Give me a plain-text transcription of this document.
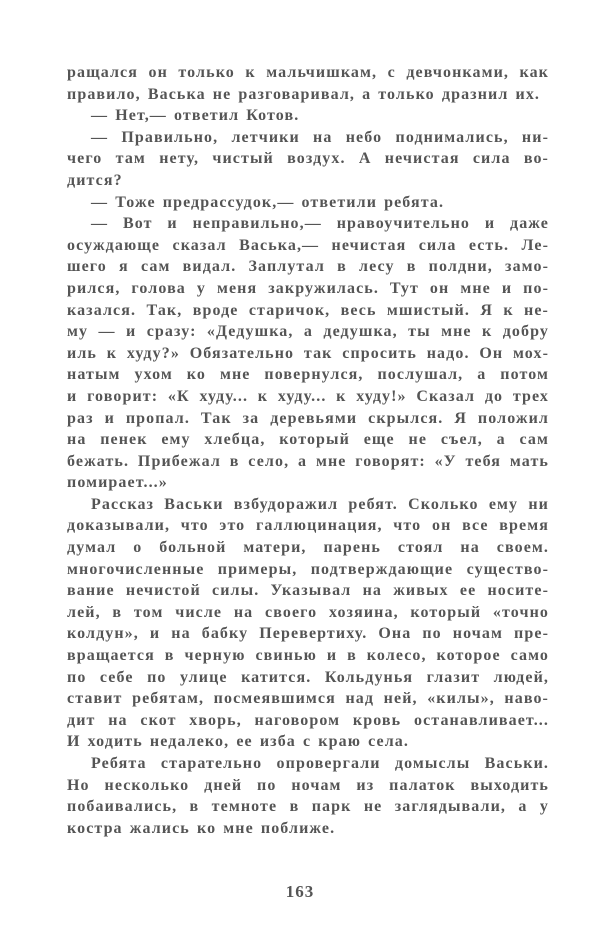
ращался он только к мальчишкам, с девчонками, как
правило, Васька не разговаривал, а только дразнил их.
— Нет,— ответил Котов.
— Правильно, летчики на небо поднимались, ни-
чего там нету, чистый воздух. А нечистая сила во-
дится?
— Тоже предрассудок,— ответили ребята.
— Вот и неправильно,— нравоучительно и даже
осуждающе сказал Васька,— нечистая сила есть. Ле-
шего я сам видал. Заплутал в лесу в полдни, замо-
рился, голова у меня закружилась. Тут он мне и по-
казался. Так, вроде старичок, весь мшистый. Я к не-
му — и сразу: «Дедушка, а дедушка, ты мне к добру
иль к худу?» Обязательно так спросить надо. Он мох-
натым ухом ко мне повернулся, послушал, а потом
и говорит: «К худу... к худу... к худу!» Сказал до трех
раз и пропал. Так за деревьями скрылся. Я положил
на пенек ему хлебца, который еще не съел, а сам
бежать. Прибежал в село, а мне говорят: «У тебя мать
помирает...»
Рассказ Васьки взбудоражил ребят. Сколько ему ни
доказывали, что это галлюцинация, что он все время
думал о больной матери, парень стоял на своем.
многочисленные примеры, подтверждающие существо-
вание нечистой силы. Указывал на живых ее носите-
лей, в том числе на своего хозяина, который «точно
колдун», и на бабку Перевертиху. Она по ночам пре-
вращается в черную свинью и в колесо, которое само
по себе по улице катится. Кольдунья глазит людей,
ставит ребятам, посмеявшимся над ней, «килы», наво-
дит на скот хворь, наговором кровь останавливает...
И ходить недалеко, ее изба с краю села.
Ребята старательно опровергали домыслы Васьки.
Но несколько дней по ночам из палаток выходить
побаивались, в темноте в парк не заглядывали, а у
костра жались ко мне поближе.
163
